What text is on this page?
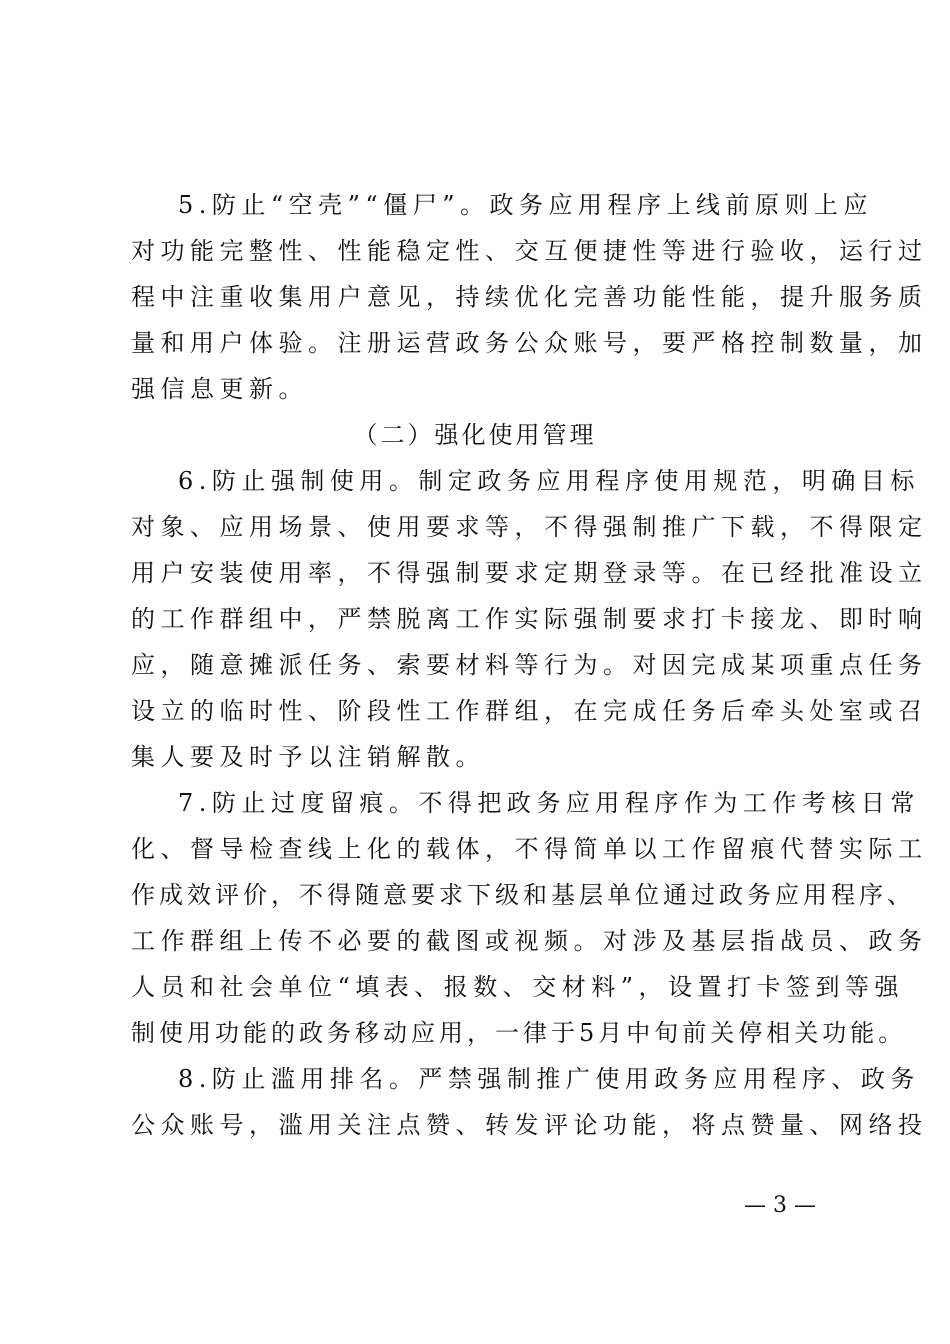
5.防止“空壳”“僵尸”。政务应用程序上线前原则上应
对功能完整性、性能稳定性、交互便捷性等进行验收，运行过
程中注重收集用户意见，持续优化完善功能性能，提升服务质
量和用户体验。注册运营政务公众账号，要严格控制数量，加
强信息更新。
（二）强化使用管理
6.防止强制使用。制定政务应用程序使用规范，明确目标
对象、应用场景、使用要求等，不得强制推广下载，不得限定
用户安装使用率，不得强制要求定期登录等。在已经批准设立
的工作群组中，严禁脱离工作实际强制要求打卡接龙、即时响
应，随意摊派任务、索要材料等行为。对因完成某项重点任务
设立的临时性、阶段性工作群组，在完成任务后牵头处室或召
集人要及时予以注销解散。
7.防止过度留痕。不得把政务应用程序作为工作考核日常
化、督导检查线上化的载体，不得简单以工作留痕代替实际工
作成效评价，不得随意要求下级和基层单位通过政务应用程序、
工作群组上传不必要的截图或视频。对涉及基层指战员、政务
人员和社会单位“填表、报数、交材料”，设置打卡签到等强
制使用功能的政务移动应用，一律于5月中旬前关停相关功能。
8.防止滥用排名。严禁强制推广使用政务应用程序、政务
公众账号，滥用关注点赞、转发评论功能，将点赞量、网络投
— 3 —
